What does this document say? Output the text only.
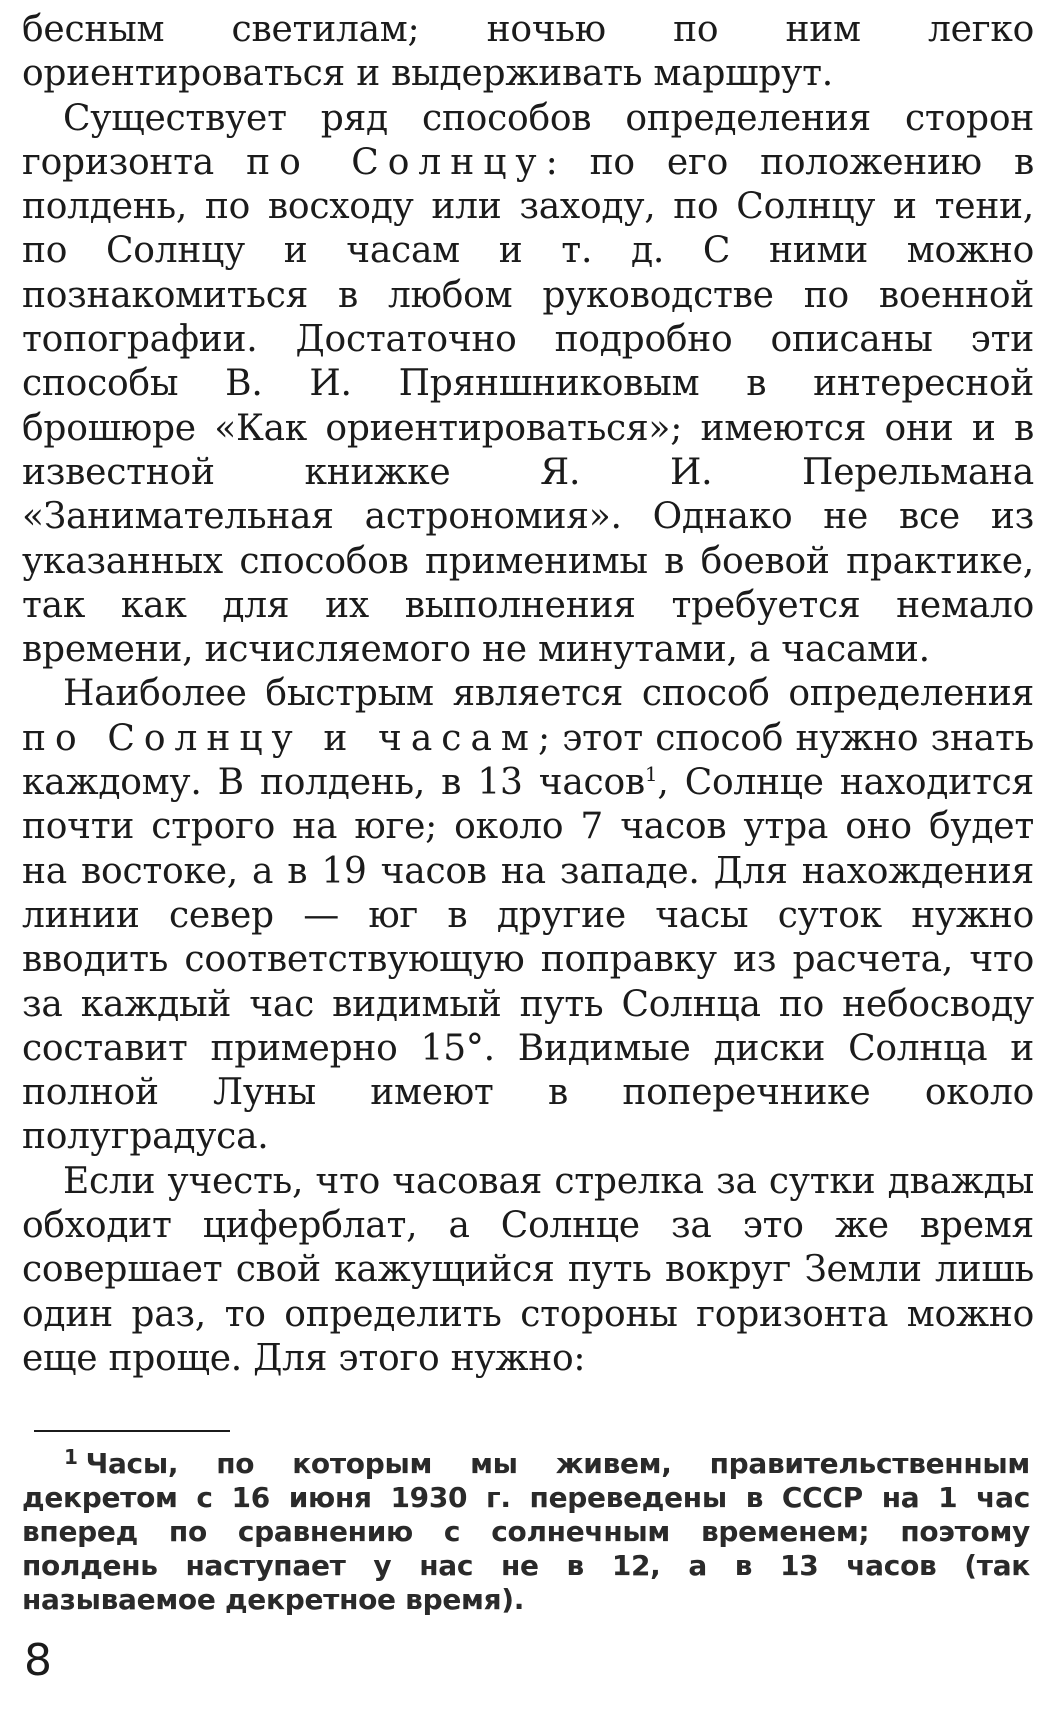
бесным светилам; ночью по ним легко ориентироваться и выдерживать маршрут.

Существует ряд способов определения сторон горизонта по Солнцу: по его положению в полдень, по восходу или заходу, по Солнцу и тени, по Солнцу и часам и т. д. С ними можно познакомиться в любом руководстве по военной топографии. Достаточно подробно описаны эти способы В. И. Пряншниковым в интересной брошюре «Как ориентироваться»; имеются они и в известной книжке Я. И. Перельмана «Занимательная астрономия». Однако не все из указанных способов применимы в боевой практике, так как для их выполнения требуется немало времени, исчисляемого не минутами, а часами.

Наиболее быстрым является способ определения по Солнцу и часам; этот способ нужно знать каждому. В полдень, в 13 часов$^1$, Солнце находится почти строго на юге; около 7 часов утра оно будет на востоке, а в 19 часов на западе. Для нахождения линии север — юг в другие часы суток нужно вводить соответствующую поправку из расчета, что за каждый час видимый путь Солнца по небосводу составит примерно 15°. Видимые диски Солнца и полной Луны имеют в поперечнике около полуградуса.

Если учесть, что часовая стрелка за сутки дважды обходит циферблат, а Солнце за это же время совершает свой кажущийся путь вокруг Земли лишь один раз, то определить стороны горизонта можно еще проще. Для этого нужно:

$^1$ Часы, по которым мы живем, правительственным декретом с 16 июня 1930 г. переведены в СССР на 1 час вперед по сравнению с солнечным временем; поэтому полдень наступает у нас не в 12, а в 13 часов (так называемое декретное время).

8
